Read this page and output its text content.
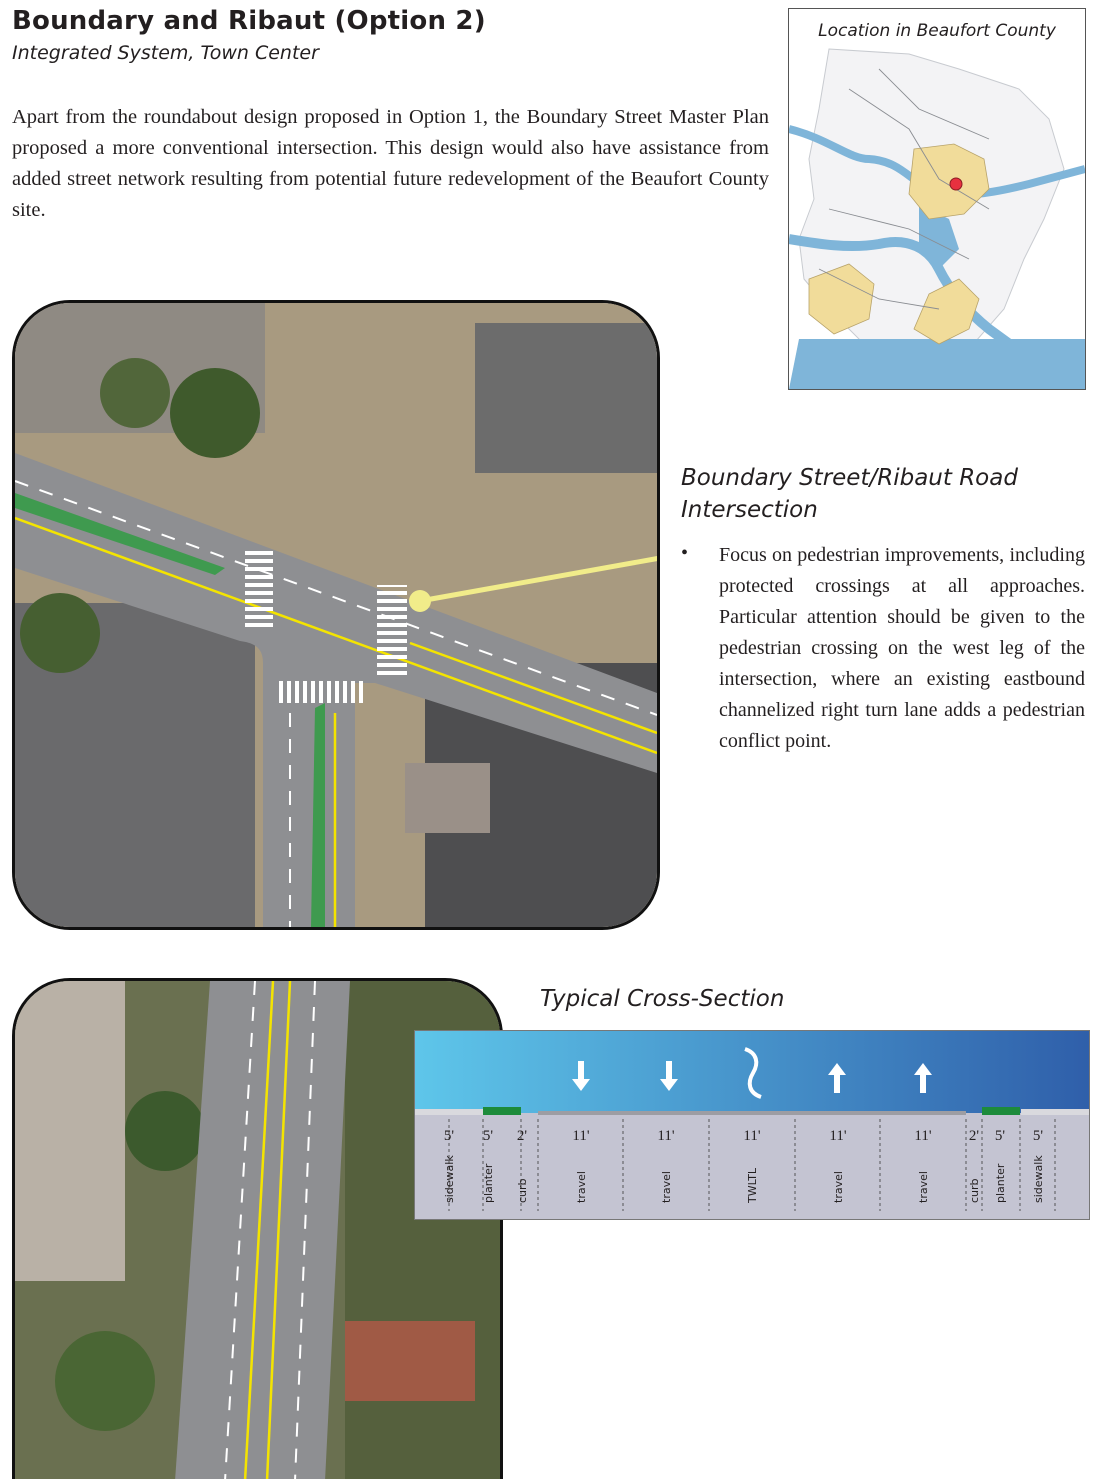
Boundary and Ribaut (Option 2)
Integrated System, Town Center
Apart from the roundabout design proposed in Option 1, the Boundary Street Master Plan proposed a more conventional intersection. This design would also have assistance from added street network resulting from potential future redevelopment of the Beaufort County site.
Location in Beaufort County
Boundary Street/Ribaut Road Intersection
• Focus on pedestrian improvements, including protected crossings at all approaches. Particular attention should be given to the pedestrian crossing on the west leg of the intersection, where an existing eastbound channelized right turn lane adds a pedestrian conflict point.
Typical Cross-Section
5'
sidewalk
5'
planter
2'
curb
11'
travel
11'
travel
11'
TWLTL
11'
travel
11'
travel
2'
curb
5'
planter
5'
sidewalk
